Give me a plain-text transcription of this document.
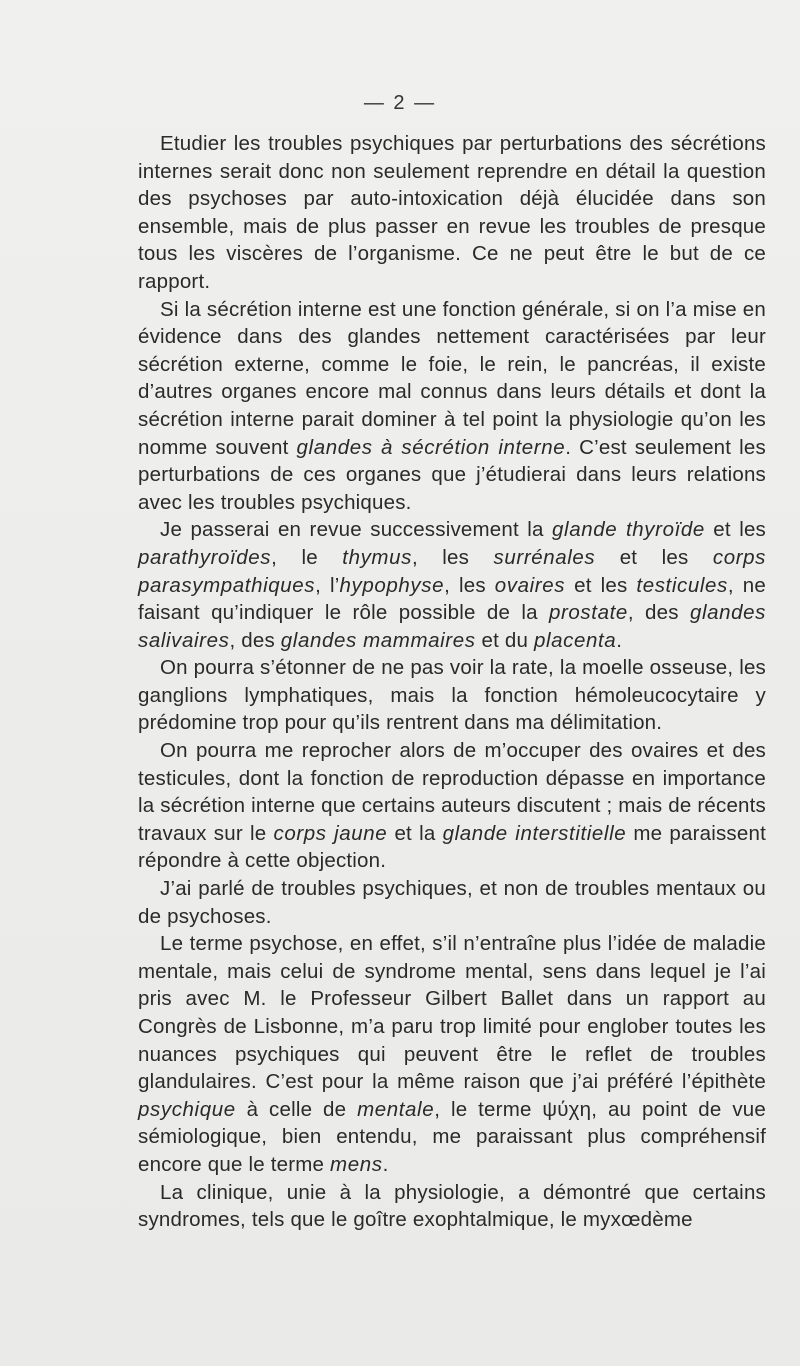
— 2 —

Etudier les troubles psychiques par perturbations des sécrétions internes serait donc non seulement reprendre en détail la question des psychoses par auto-intoxication déjà élucidée dans son ensemble, mais de plus passer en revue les troubles de presque tous les viscères de l’organisme. Ce ne peut être le but de ce rapport.

Si la sécrétion interne est une fonction générale, si on l’a mise en évidence dans des glandes nettement caractérisées par leur sécrétion externe, comme le foie, le rein, le pancréas, il existe d’autres organes encore mal connus dans leurs détails et dont la sécrétion interne parait dominer à tel point la physiologie qu’on les nomme souvent glandes à sécrétion interne. C’est seulement les perturbations de ces organes que j’étudierai dans leurs relations avec les troubles psychiques.

Je passerai en revue successivement la glande thyroïde et les parathyroïdes, le thymus, les surrénales et les corps parasympathiques, l’hypophyse, les ovaires et les testicules, ne faisant qu’indiquer le rôle possible de la prostate, des glandes salivaires, des glandes mammaires et du placenta.

On pourra s’étonner de ne pas voir la rate, la moelle osseuse, les ganglions lymphatiques, mais la fonction hémoleucocytaire y prédomine trop pour qu’ils rentrent dans ma délimitation.

On pourra me reprocher alors de m’occuper des ovaires et des testicules, dont la fonction de reproduction dépasse en importance la sécrétion interne que certains auteurs discutent ; mais de récents travaux sur le corps jaune et la glande interstitielle me paraissent répondre à cette objection.

J’ai parlé de troubles psychiques, et non de troubles mentaux ou de psychoses.

Le terme psychose, en effet, s’il n’entraîne plus l’idée de maladie mentale, mais celui de syndrome mental, sens dans lequel je l’ai pris avec M. le Professeur Gilbert Ballet dans un rapport au Congrès de Lisbonne, m’a paru trop limité pour englober toutes les nuances psychiques qui peuvent être le reflet de troubles glandulaires. C’est pour la même raison que j’ai préféré l’épithète psychique à celle de mentale, le terme ψύχη, au point de vue sémiologique, bien entendu, me paraissant plus compréhensif encore que le terme mens.

La clinique, unie à la physiologie, a démontré que certains syndromes, tels que le goître exophtalmique, le myxœdème
